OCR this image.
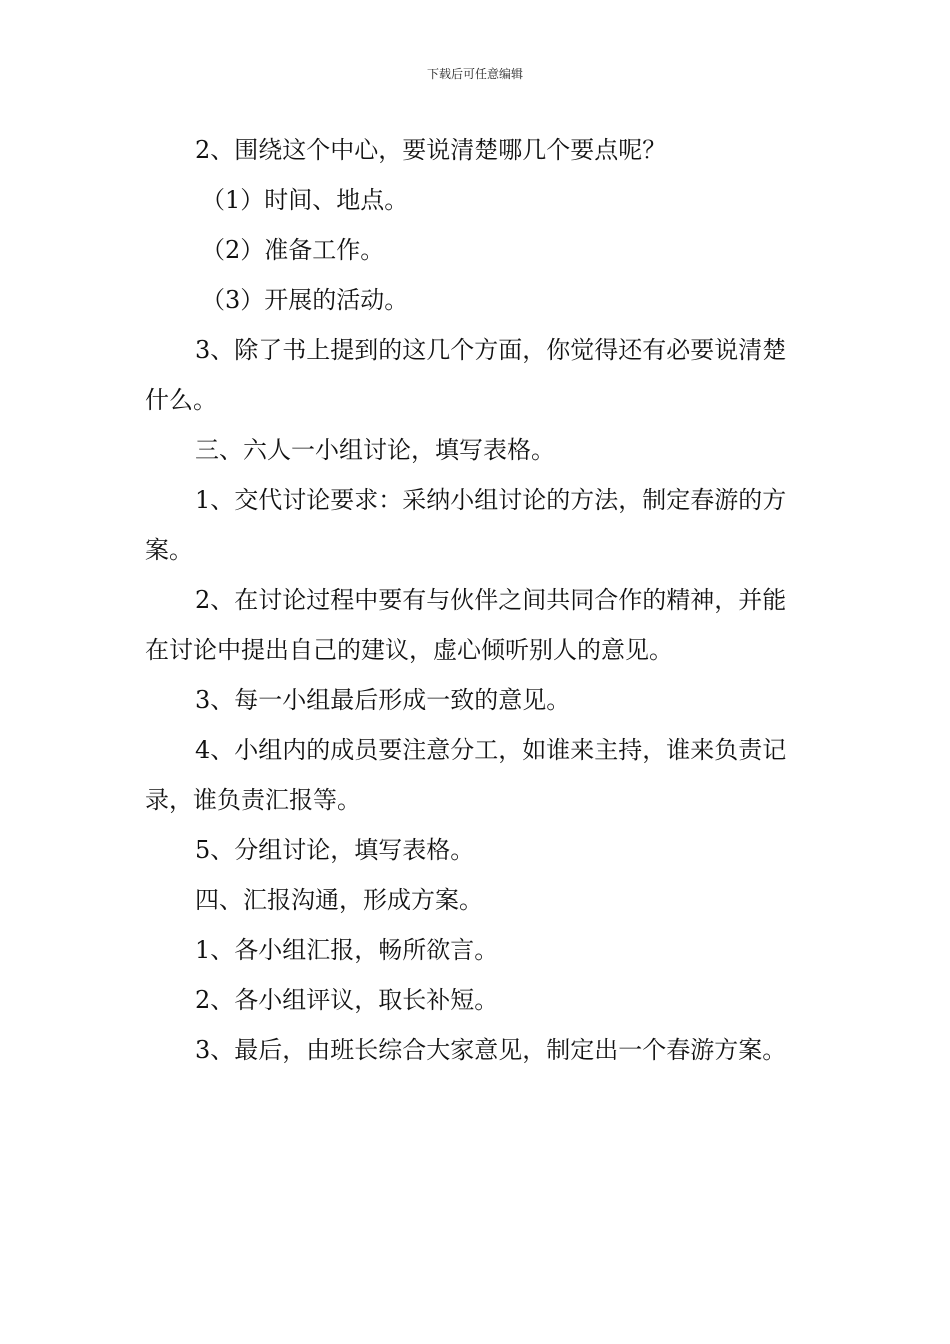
下载后可任意编辑

2、围绕这个中心，要说清楚哪几个要点呢？

（1）时间、地点。

（2）准备工作。

（3）开展的活动。

3、除了书上提到的这几个方面，你觉得还有必要说清楚什么。

三、六人一小组讨论，填写表格。

1、交代讨论要求：采纳小组讨论的方法，制定春游的方案。

2、在讨论过程中要有与伙伴之间共同合作的精神，并能在讨论中提出自己的建议，虚心倾听别人的意见。

3、每一小组最后形成一致的意见。

4、小组内的成员要注意分工，如谁来主持，谁来负责记录，谁负责汇报等。

5、分组讨论，填写表格。

四、汇报沟通，形成方案。

1、各小组汇报，畅所欲言。

2、各小组评议，取长补短。

3、最后，由班长综合大家意见，制定出一个春游方案。
